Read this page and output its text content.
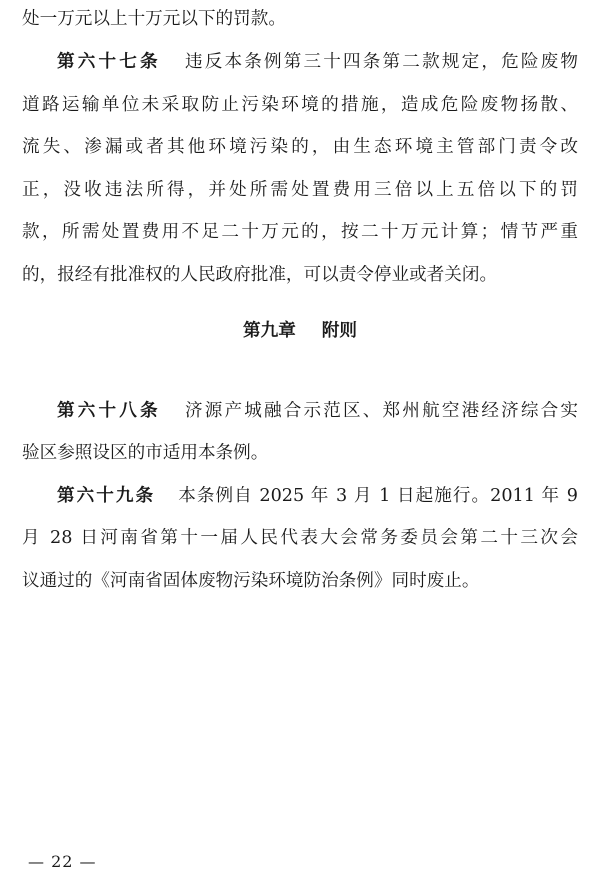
处一万元以上十万元以下的罚款。
第六十七条 违反本条例第三十四条第二款规定，危险废物
道路运输单位未采取防止污染环境的措施，造成危险废物扬散、
流失、渗漏或者其他环境污染的，由生态环境主管部门责令改
正，没收违法所得，并处所需处置费用三倍以上五倍以下的罚
款，所需处置费用不足二十万元的，按二十万元计算；情节严重
的，报经有批准权的人民政府批准，可以责令停业或者关闭。
第九章 附则
第六十八条 济源产城融合示范区、郑州航空港经济综合实
验区参照设区的市适用本条例。
第六十九条 本条例自 2025 年 3 月 1 日起施行。2011 年 9
月 28 日河南省第十一届人民代表大会常务委员会第二十三次会
议通过的《河南省固体废物污染环境防治条例》同时废止。
— 22 —
